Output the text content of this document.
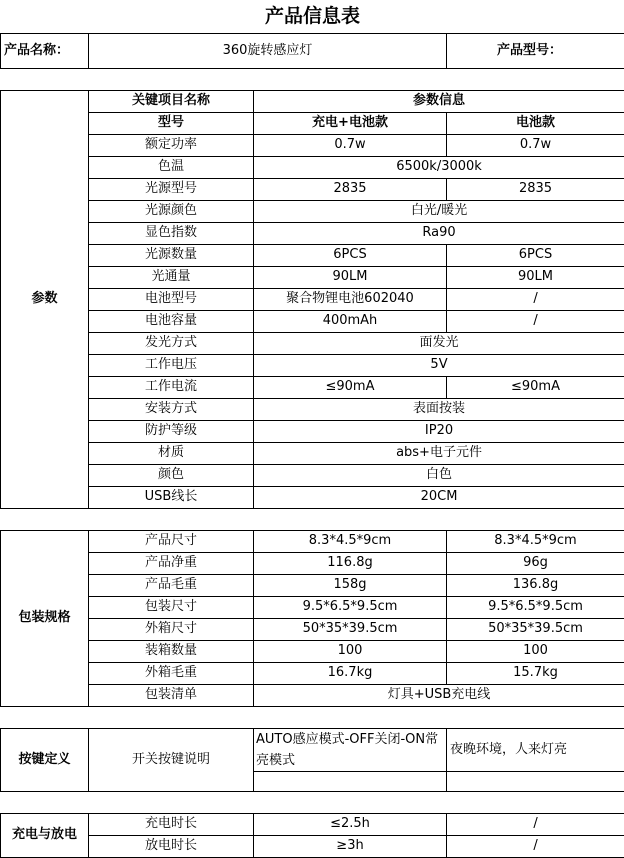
产品信息表			
产品名称：	360旋转感应灯		产品型号：

参数	关键项目名称	参数信息	
	型号	充电+电池款	电池款
	额定功率	0.7w	0.7w
	色温	6500k/3000k	
	光源型号	2835	2835
	光源颜色	白光/暖光	
	显色指数	Ra90	
	光源数量	6PCS	6PCS
	光通量	90LM	90LM
	电池型号	聚合物锂电池602040	/
	电池容量	400mAh	/
	发光方式	面发光	
	工作电压	5V	
	工作电流	≤90mA	≤90mA
	安装方式	表面按装	
	防护等级	IP20	
	材质	abs+电子元件	
	颜色	白色	
	USB线长	20CM	

包装规格	产品尺寸	8.3*4.5*9cm	8.3*4.5*9cm
	产品净重	116.8g	96g
	产品毛重	158g	136.8g
	包装尺寸	9.5*6.5*9.5cm	9.5*6.5*9.5cm
	外箱尺寸	50*35*39.5cm	50*35*39.5cm
	装箱数量	100	100
	外箱毛重	16.7kg	15.7kg
	包装清单	灯具+USB充电线	

按键定义	开关按键说明	AUTO感应模式-OFF关闭-ON常亮模式	夜晚环境，人来灯亮

充电与放电	充电时长	≤2.5h	/
	放电时长	≥3h	/
